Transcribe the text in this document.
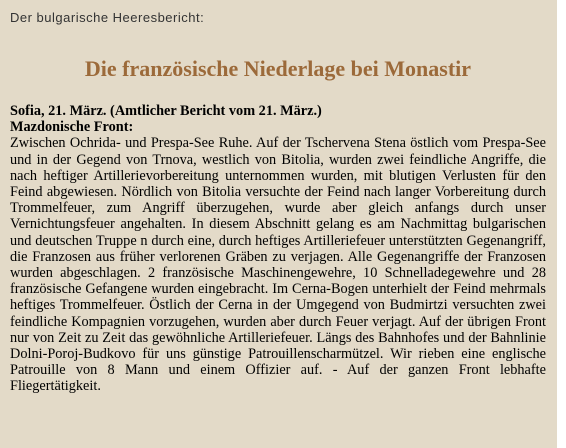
Der bulgarische Heeresbericht:

Die französische Niederlage bei Monastir

Sofia, 21. März. (Amtlicher Bericht vom 21. März.)

Mazdonische Front:

Zwischen Ochrida- und Prespa-See Ruhe. Auf der Tschervena Stena östlich vom Prespa-See und in der Gegend von Trnova, westlich von Bitolia, wurden zwei feindliche Angriffe, die nach heftiger Artillerievorbereitung unternommen wurden, mit blutigen Verlusten für den Feind abgewiesen. Nördlich von Bitolia versuchte der Feind nach langer Vorbereitung durch Trommelfeuer, zum Angriff überzugehen, wurde aber gleich anfangs durch unser Vernichtungsfeuer angehalten. In diesem Abschnitt gelang es am Nachmittag bulgarischen und deutschen Truppe n durch eine, durch heftiges Artilleriefeuer unterstützten Gegenangriff, die Franzosen aus früher verlorenen Gräben zu verjagen. Alle Gegenangriffe der Franzosen wurden abgeschlagen. 2 französische Maschinengewehre, 10 Schnelladegewehre und 28 französische Gefangene wurden eingebracht. Im Cerna-Bogen unterhielt der Feind mehrmals heftiges Trommelfeuer. Östlich der Cerna in der Umgegend von Budmirtzi versuchten zwei feindliche Kompagnien vorzugehen, wurden aber durch Feuer verjagt. Auf der übrigen Front nur von Zeit zu Zeit das gewöhnliche Artilleriefeuer. Längs des Bahnhofes und der Bahnlinie Dolni-Poroj-Budkovo für uns günstige Patrouillenscharmützel. Wir rieben eine englische Patrouille von 8 Mann und einem Offizier auf. - Auf der ganzen Front lebhafte Fliegertätigkeit.
